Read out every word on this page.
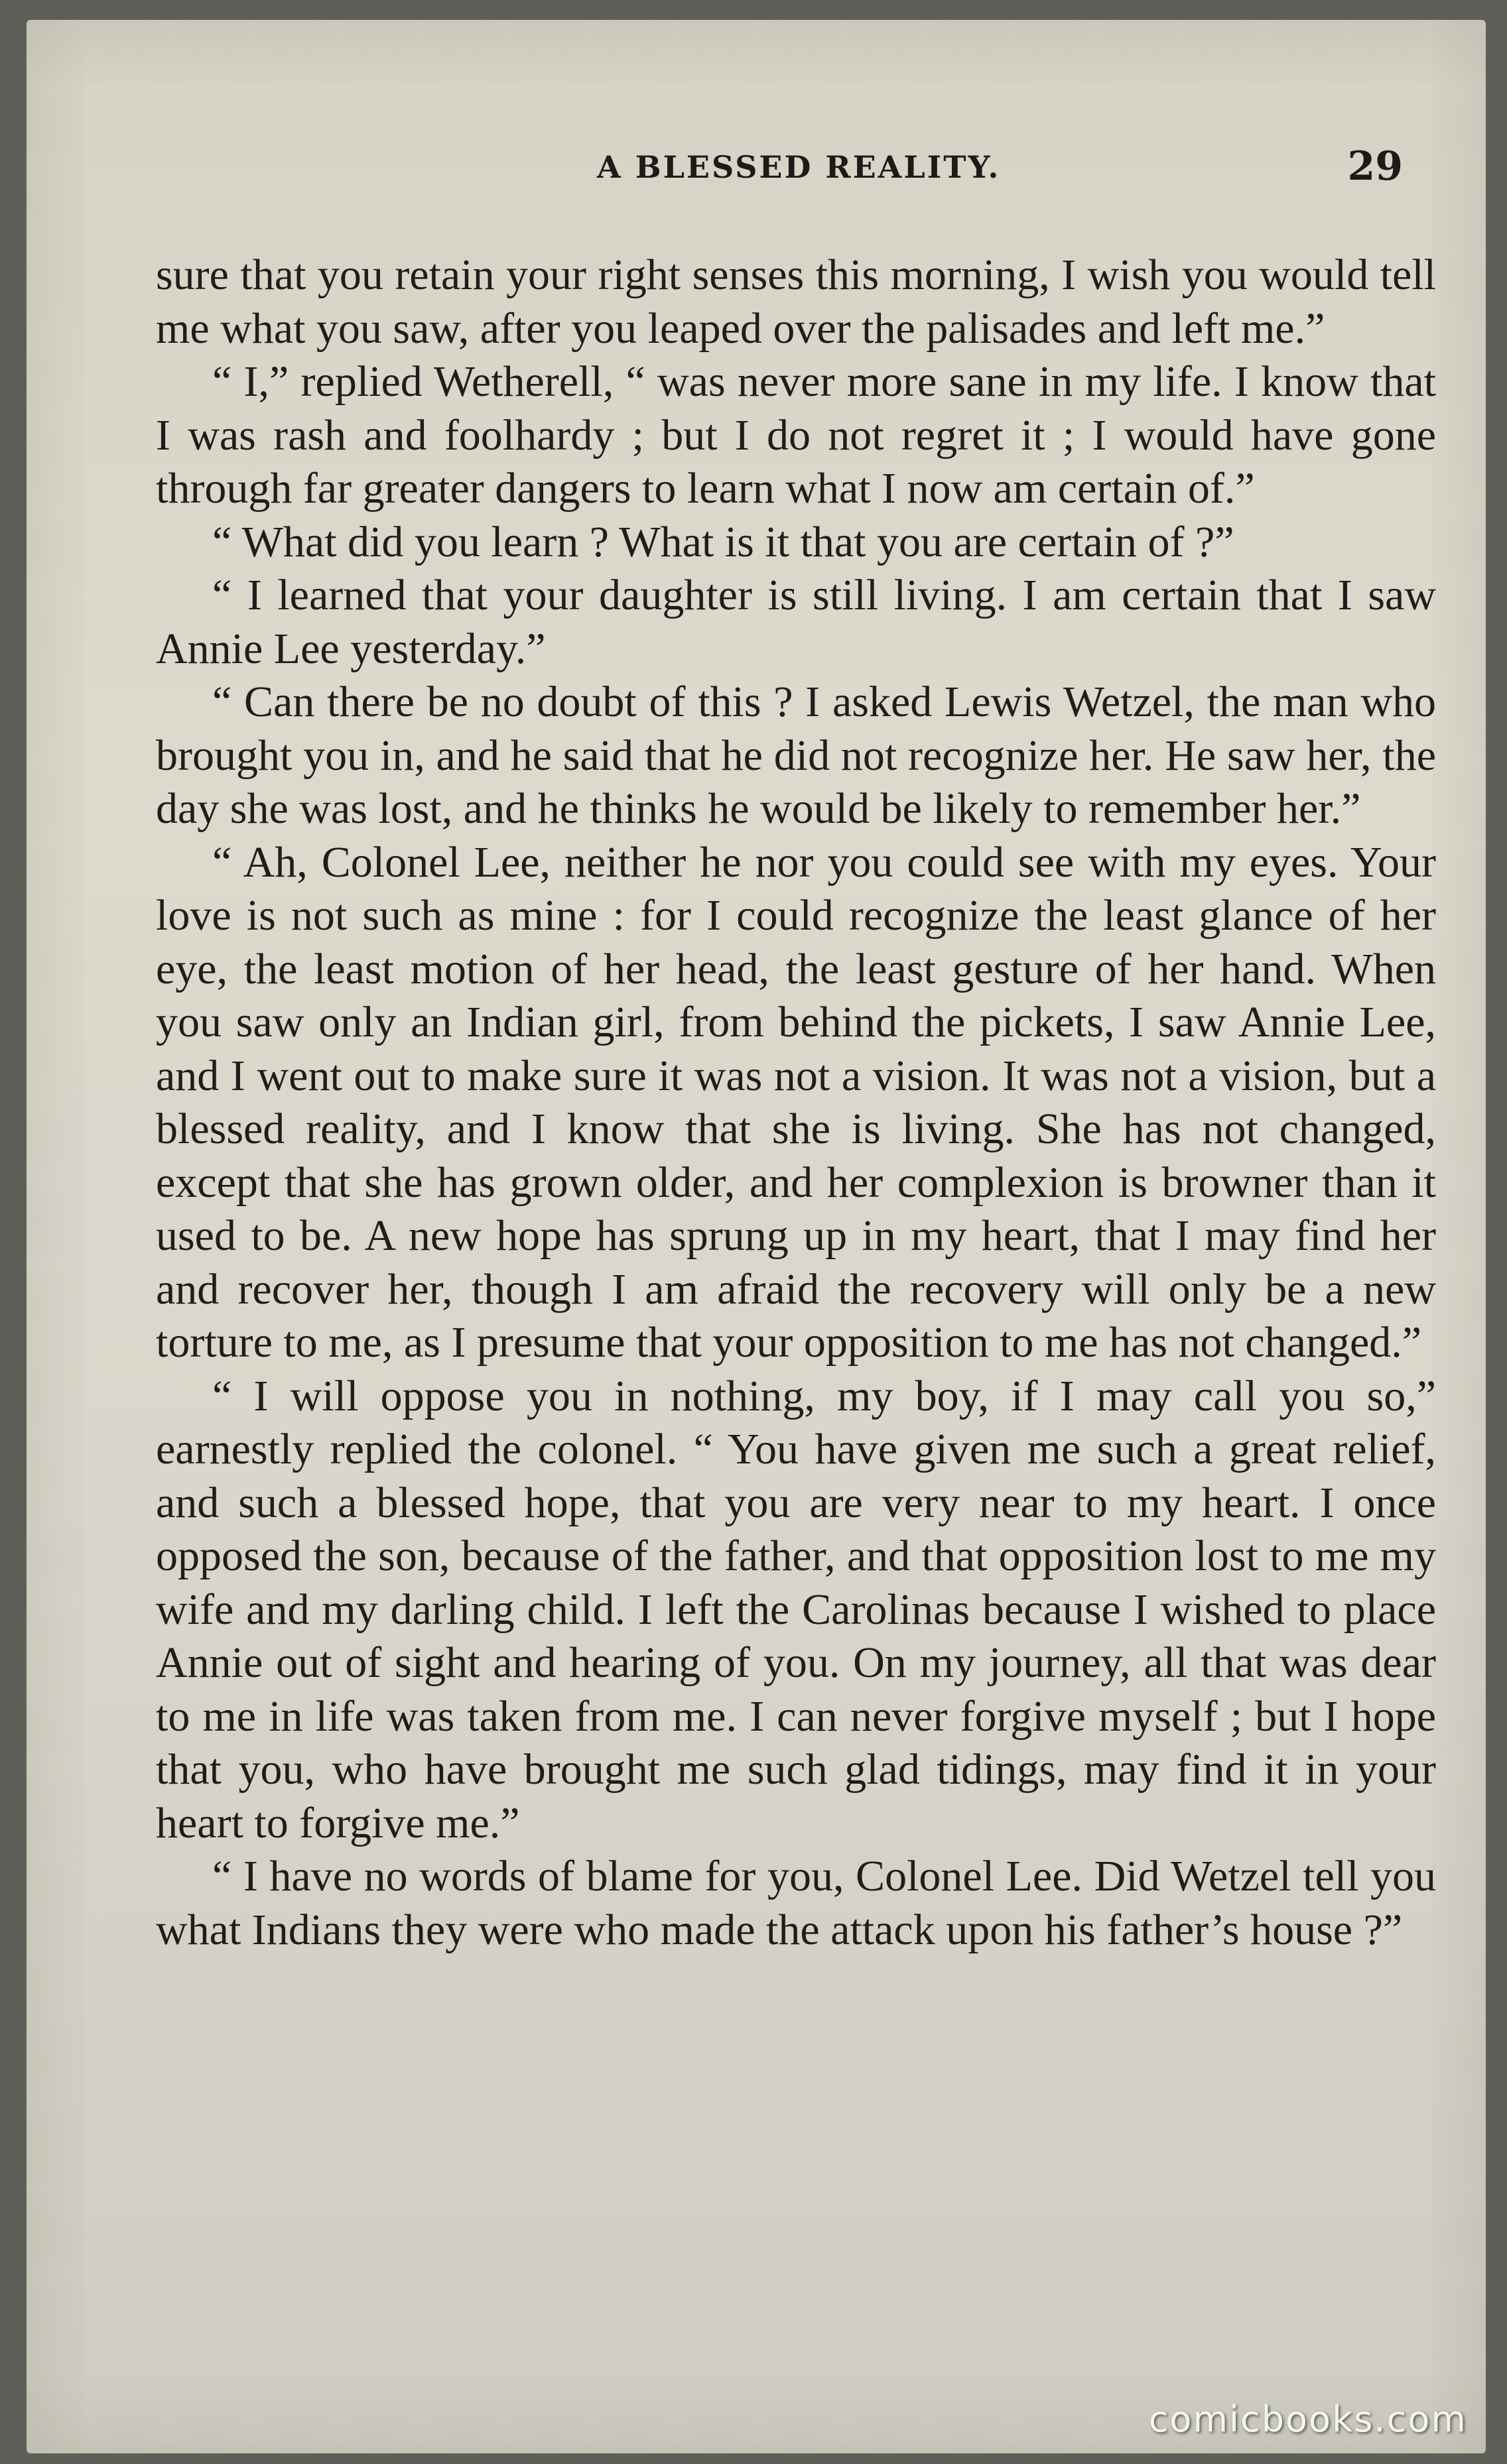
A BLESSED REALITY.	29

sure that you retain your right senses this morning, I wish you would tell me what you saw, after you leaped over the palisades and left me.”

“ I,” replied Wetherell, “ was never more sane in my life. I know that I was rash and foolhardy ; but I do not regret it ; I would have gone through far greater dangers to learn what I now am certain of.”

“ What did you learn ? What is it that you are certain of ?”

“ I learned that your daughter is still living. I am certain that I saw Annie Lee yesterday.”

“ Can there be no doubt of this ? I asked Lewis Wetzel, the man who brought you in, and he said that he did not recognize her. He saw her, the day she was lost, and he thinks he would be likely to remember her.”

“ Ah, Colonel Lee, neither he nor you could see with my eyes. Your love is not such as mine : for I could recognize the least glance of her eye, the least motion of her head, the least gesture of her hand. When you saw only an Indian girl, from behind the pickets, I saw Annie Lee, and I went out to make sure it was not a vision. It was not a vision, but a blessed reality, and I know that she is living. She has not changed, except that she has grown older, and her complexion is browner than it used to be. A new hope has sprung up in my heart, that I may find her and recover her, though I am afraid the recovery will only be a new torture to me, as I presume that your opposition to me has not changed.”

“ I will oppose you in nothing, my boy, if I may call you so,” earnestly replied the colonel. “ You have given me such a great relief, and such a blessed hope, that you are very near to my heart. I once opposed the son, because of the father, and that opposition lost to me my wife and my darling child. I left the Carolinas because I wished to place Annie out of sight and hearing of you. On my journey, all that was dear to me in life was taken from me. I can never forgive myself ; but I hope that you, who have brought me such glad tidings, may find it in your heart to forgive me.”

“ I have no words of blame for you, Colonel Lee. Did Wetzel tell you what Indians they were who made the attack upon his father’s house ?”

comicbooks.com
